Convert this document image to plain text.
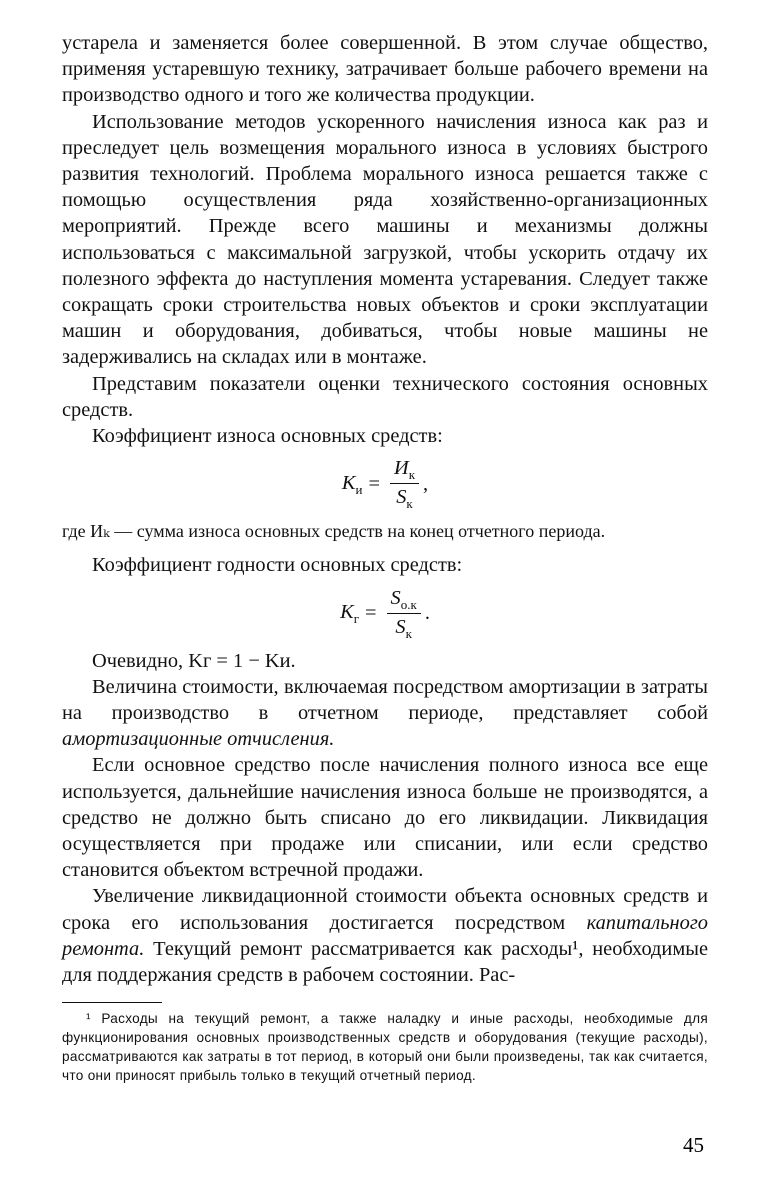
устарела и заменяется более совершенной. В этом случае общество, применяя устаревшую технику, затрачивает больше рабочего времени на производство одного и того же количества продукции.

Использование методов ускоренного начисления износа как раз и преследует цель возмещения морального износа в условиях быстрого развития технологий. Проблема морального износа решается также с помощью осуществления ряда хозяйственно-организационных мероприятий. Прежде всего машины и механизмы должны использоваться с максимальной загрузкой, чтобы ускорить отдачу их полезного эффекта до наступления момента устаревания. Следует также сокращать сроки строительства новых объектов и сроки эксплуатации машин и оборудования, добиваться, чтобы новые машины не задерживались на складах или в монтаже.

Представим показатели оценки технического состояния основных средств.

Коэффициент износа основных средств:

$K_и = \frac{И_к}{S_к}$ ,

где Иₖ — сумма износа основных средств на конец отчетного периода.

Коэффициент годности основных средств:

$K_г = \frac{S_{о.к}}{S_к}$ .

Очевидно, Kг = 1 − Kи.

Величина стоимости, включаемая посредством амортизации в затраты на производство в отчетном периоде, представляет собой амортизационные отчисления.

Если основное средство после начисления полного износа все еще используется, дальнейшие начисления износа больше не производятся, а средство не должно быть списано до его ликвидации. Ликвидация осуществляется при продаже или списании, или если средство становится объектом встречной продажи.

Увеличение ликвидационной стоимости объекта основных средств и срока его использования достигается посредством капитального ремонта. Текущий ремонт рассматривается как расходы¹, необходимые для поддержания средств в рабочем состоянии. Рас-

¹ Расходы на текущий ремонт, а также наладку и иные расходы, необходимые для функционирования основных производственных средств и оборудования (текущие расходы), рассматриваются как затраты в тот период, в который они были произведены, так как считается, что они приносят прибыль только в текущий отчетный период.

45
